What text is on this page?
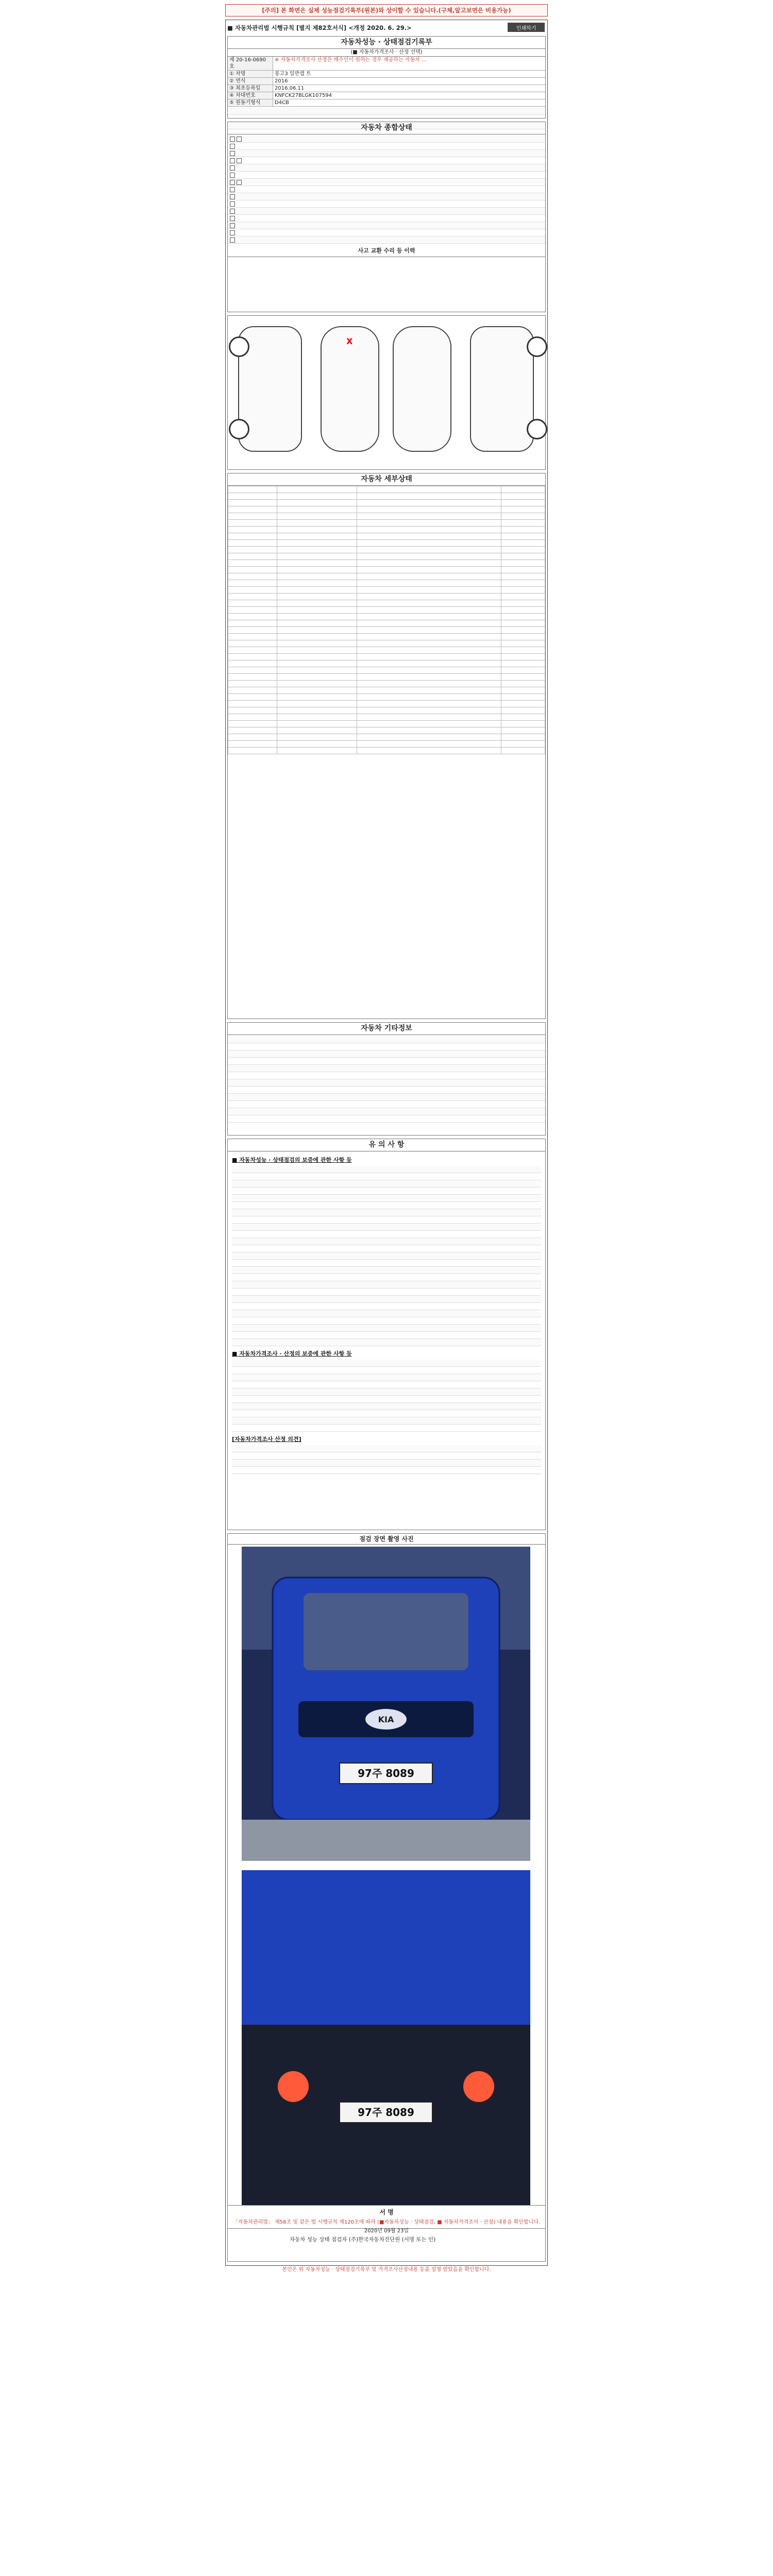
[주의] 본 화면은 실제 성능점검기록부(원본)와 상이할 수 있습니다.(구체,알고보면은 비용가능)
■ 자동차관리법 시행규칙 [별지 제82호서식] <개정 2020. 6. 29.>	인쇄하기
자동차성능 · 상태점검기록부
(■ 자동차가격조사 · 산정 선택)
제 20-16-0690 호
※ 자동차가격조사 산정은 매수인이 원하는 경우 제공하는 자동차 …
① 차명	봉고3 일반캡 트
② 연식	2016
③ 최초등록일	2016.06.11
④ 차대번호	KNFCK27BLGK107594
⑤ 원동기형식	D4CB
자동차 종합상태
사고 교환 수리 등 이력
X
자동차 세부상태

자동차 기타정보
유 의 사 항
■ 자동차성능 · 상태점검의 보증에 관한 사항 등
■ 자동차가격조사 · 산정의 보증에 관한 사항 등
[자동차가격조사 산정 의견]
점검 장면 촬영 사진
KIA
97주 8089
97주 8089
서 명
「자동차관리법」 제58조 및 같은 법 시행규칙 제120조에 따라 (■자동차성능 · 상태점검, ■ 자동차가격조사 · 산정) 내용을 확인합니다.
2020년 09월 23일
자동차 성능 상태 점검자 (주)한국자동차진단원 (서명 또는 인)
본인은 위 자동차성능 · 상태점검기록부 및 가격조사산정내용 등을 설명 받았음을 확인합니다.
